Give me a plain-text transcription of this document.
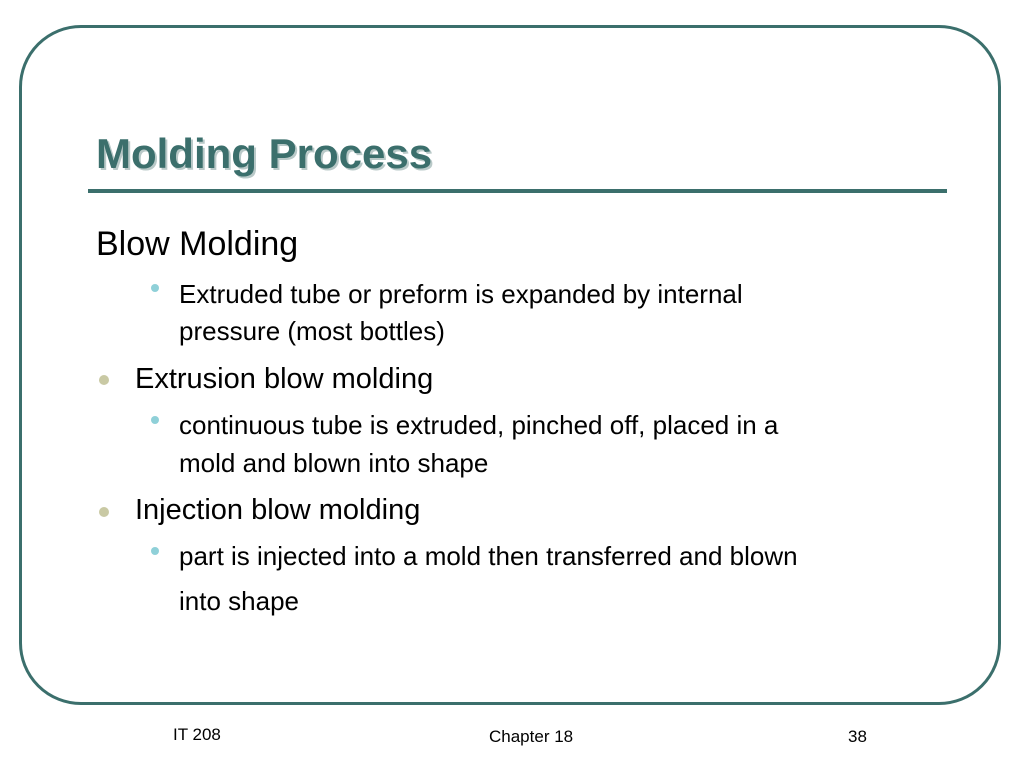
Molding Process

Blow Molding

Extruded tube or preform is expanded by internal

pressure (most bottles)

Extrusion blow molding

continuous tube is extruded, pinched off, placed in a

mold and blown into shape

Injection blow molding

part is injected into a mold then transferred and blown

into shape

IT 208	Chapter 18	38
